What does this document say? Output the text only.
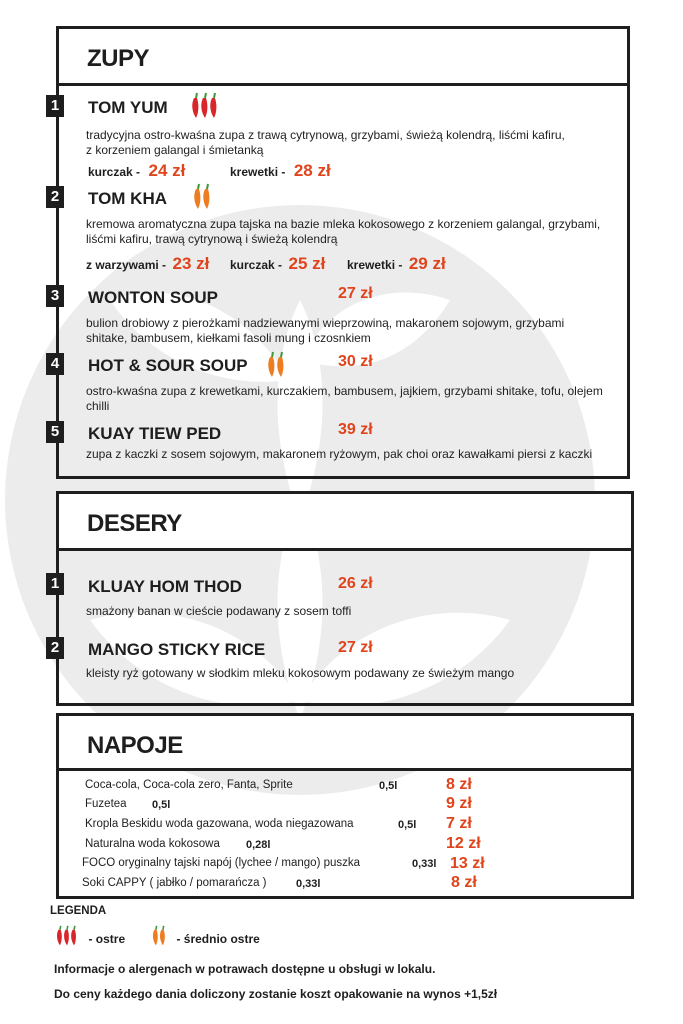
ZUPY
1 TOM YUM
tradycyjna ostro-kwaśna zupa z trawą cytrynową, grzybami, świeżą kolendrą, liśćmi kafiru, z korzeniem galangal i śmietanką
kurczak - 24 zł	krewetki - 28 zł
2 TOM KHA
kremowa aromatyczna zupa tajska na bazie mleka kokosowego z korzeniem galangal, grzybami, liśćmi kafiru, trawą cytrynową i świeżą kolendrą
z warzywami - 23 zł kurczak - 25 zł krewetki - 29 zł
3 WONTON SOUP	27 zł
bulion drobiowy z pierożkami nadziewanymi wieprzowiną, makaronem sojowym, grzybami shitake, bambusem, kiełkami fasoli mung i czosnkiem
4 HOT & SOUR SOUP	30 zł
ostro-kwaśna zupa z krewetkami, kurczakiem, bambusem, jajkiem, grzybami shitake, tofu, olejem chilli
5 KUAY TIEW PED	39 zł
zupa z kaczki z sosem sojowym, makaronem ryżowym, pak choi oraz kawałkami piersi z kaczki
DESERY
1 KLUAY HOM THOD	26 zł
smażony banan w cieście podawany z sosem toffi
2 MANGO STICKY RICE	27 zł
kleisty ryż gotowany w słodkim mleku kokosowym podawany ze świeżym mango
NAPOJE
Coca-cola, Coca-cola zero, Fanta, Sprite	0,5l	8 zł
Fuzetea 0,5l	9 zł
Kropla Beskidu woda gazowana, woda niegazowana	0,5l 7 zł
Naturalna woda kokosowa 0,28l	12 zł
FOCO oryginalny tajski napój (lychee / mango) puszka	0,33l 13 zł
Soki CAPPY ( jabłko / pomarańcza )	0,33l	8 zł
LEGENDA
- ostre	- średnio ostre
Informacje o alergenach w potrawach dostępne u obsługi w lokalu.
Do ceny każdego dania doliczony zostanie koszt opakowanie na wynos +1,5zł
